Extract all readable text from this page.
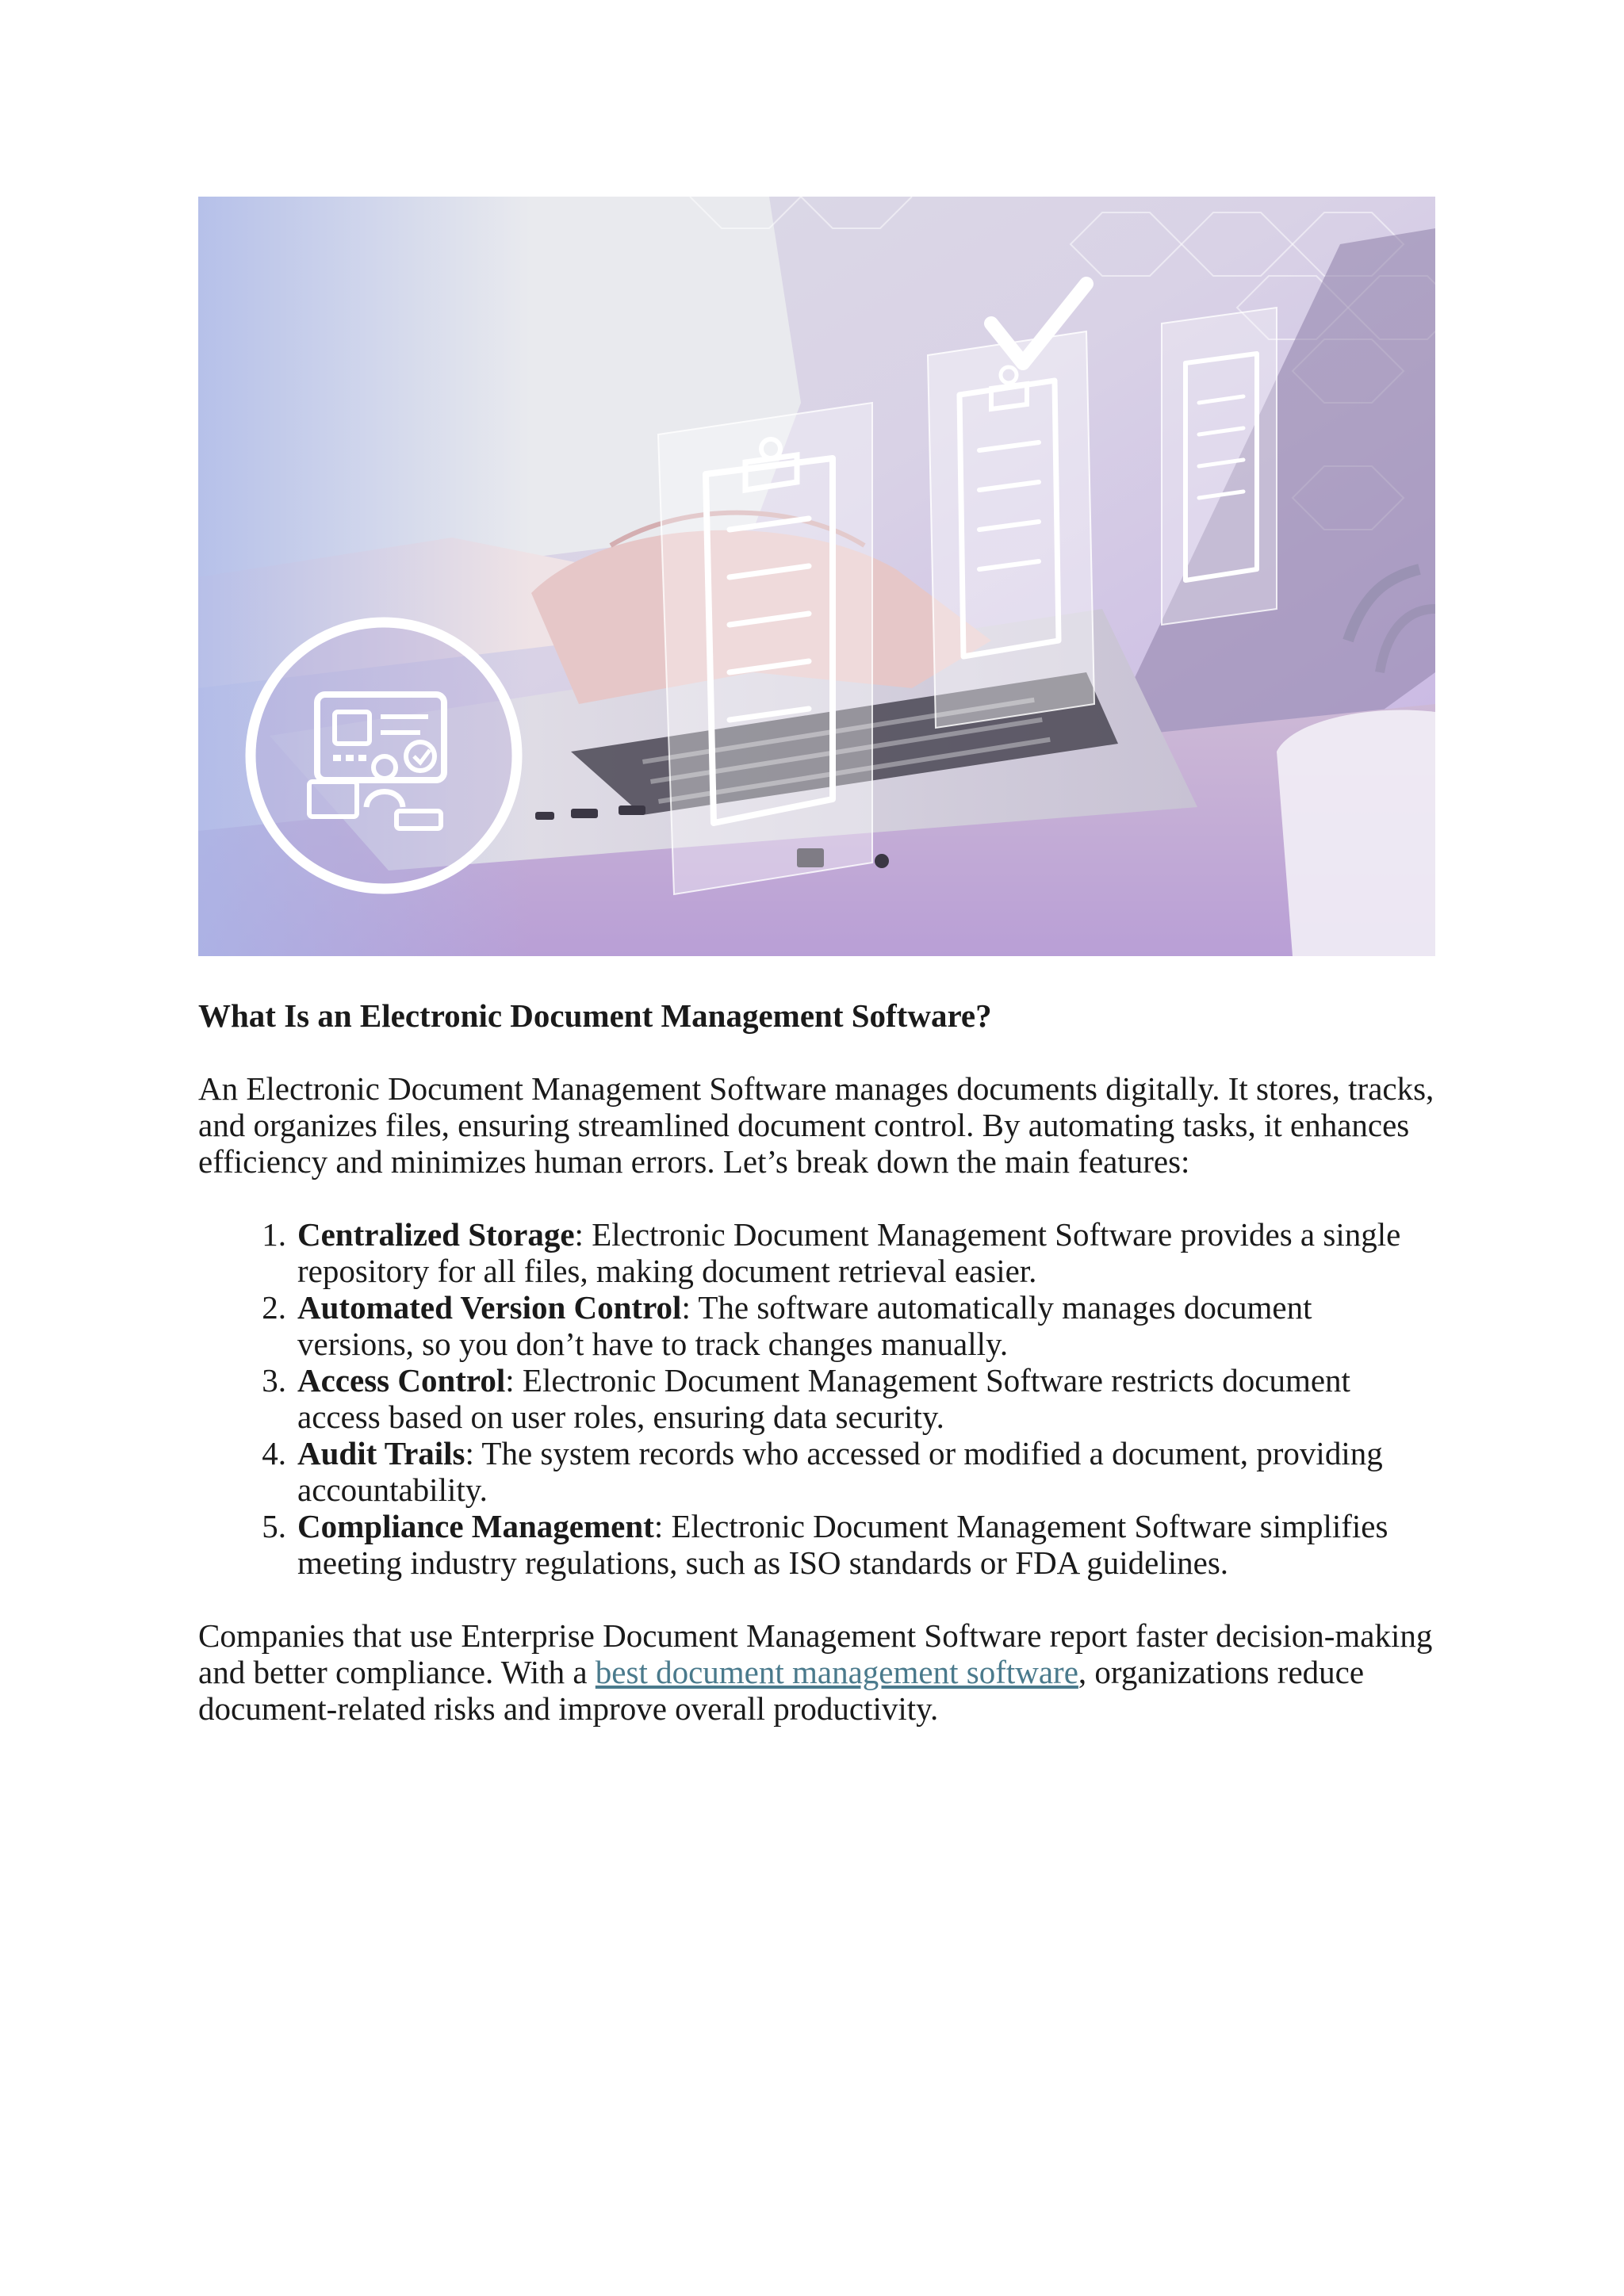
What Is an Electronic Document Management Software?

An Electronic Document Management Software manages documents digitally. It stores, tracks, and organizes files, ensuring streamlined document control. By automating tasks, it enhances efficiency and minimizes human errors. Let’s break down the main features:

1. Centralized Storage: Electronic Document Management Software provides a single repository for all files, making document retrieval easier.
2. Automated Version Control: The software automatically manages document versions, so you don’t have to track changes manually.
3. Access Control: Electronic Document Management Software restricts document access based on user roles, ensuring data security.
4. Audit Trails: The system records who accessed or modified a document, providing accountability.
5. Compliance Management: Electronic Document Management Software simplifies meeting industry regulations, such as ISO standards or FDA guidelines.

Companies that use Enterprise Document Management Software report faster decision-making and better compliance. With a best document management software, organizations reduce document-related risks and improve overall productivity.
